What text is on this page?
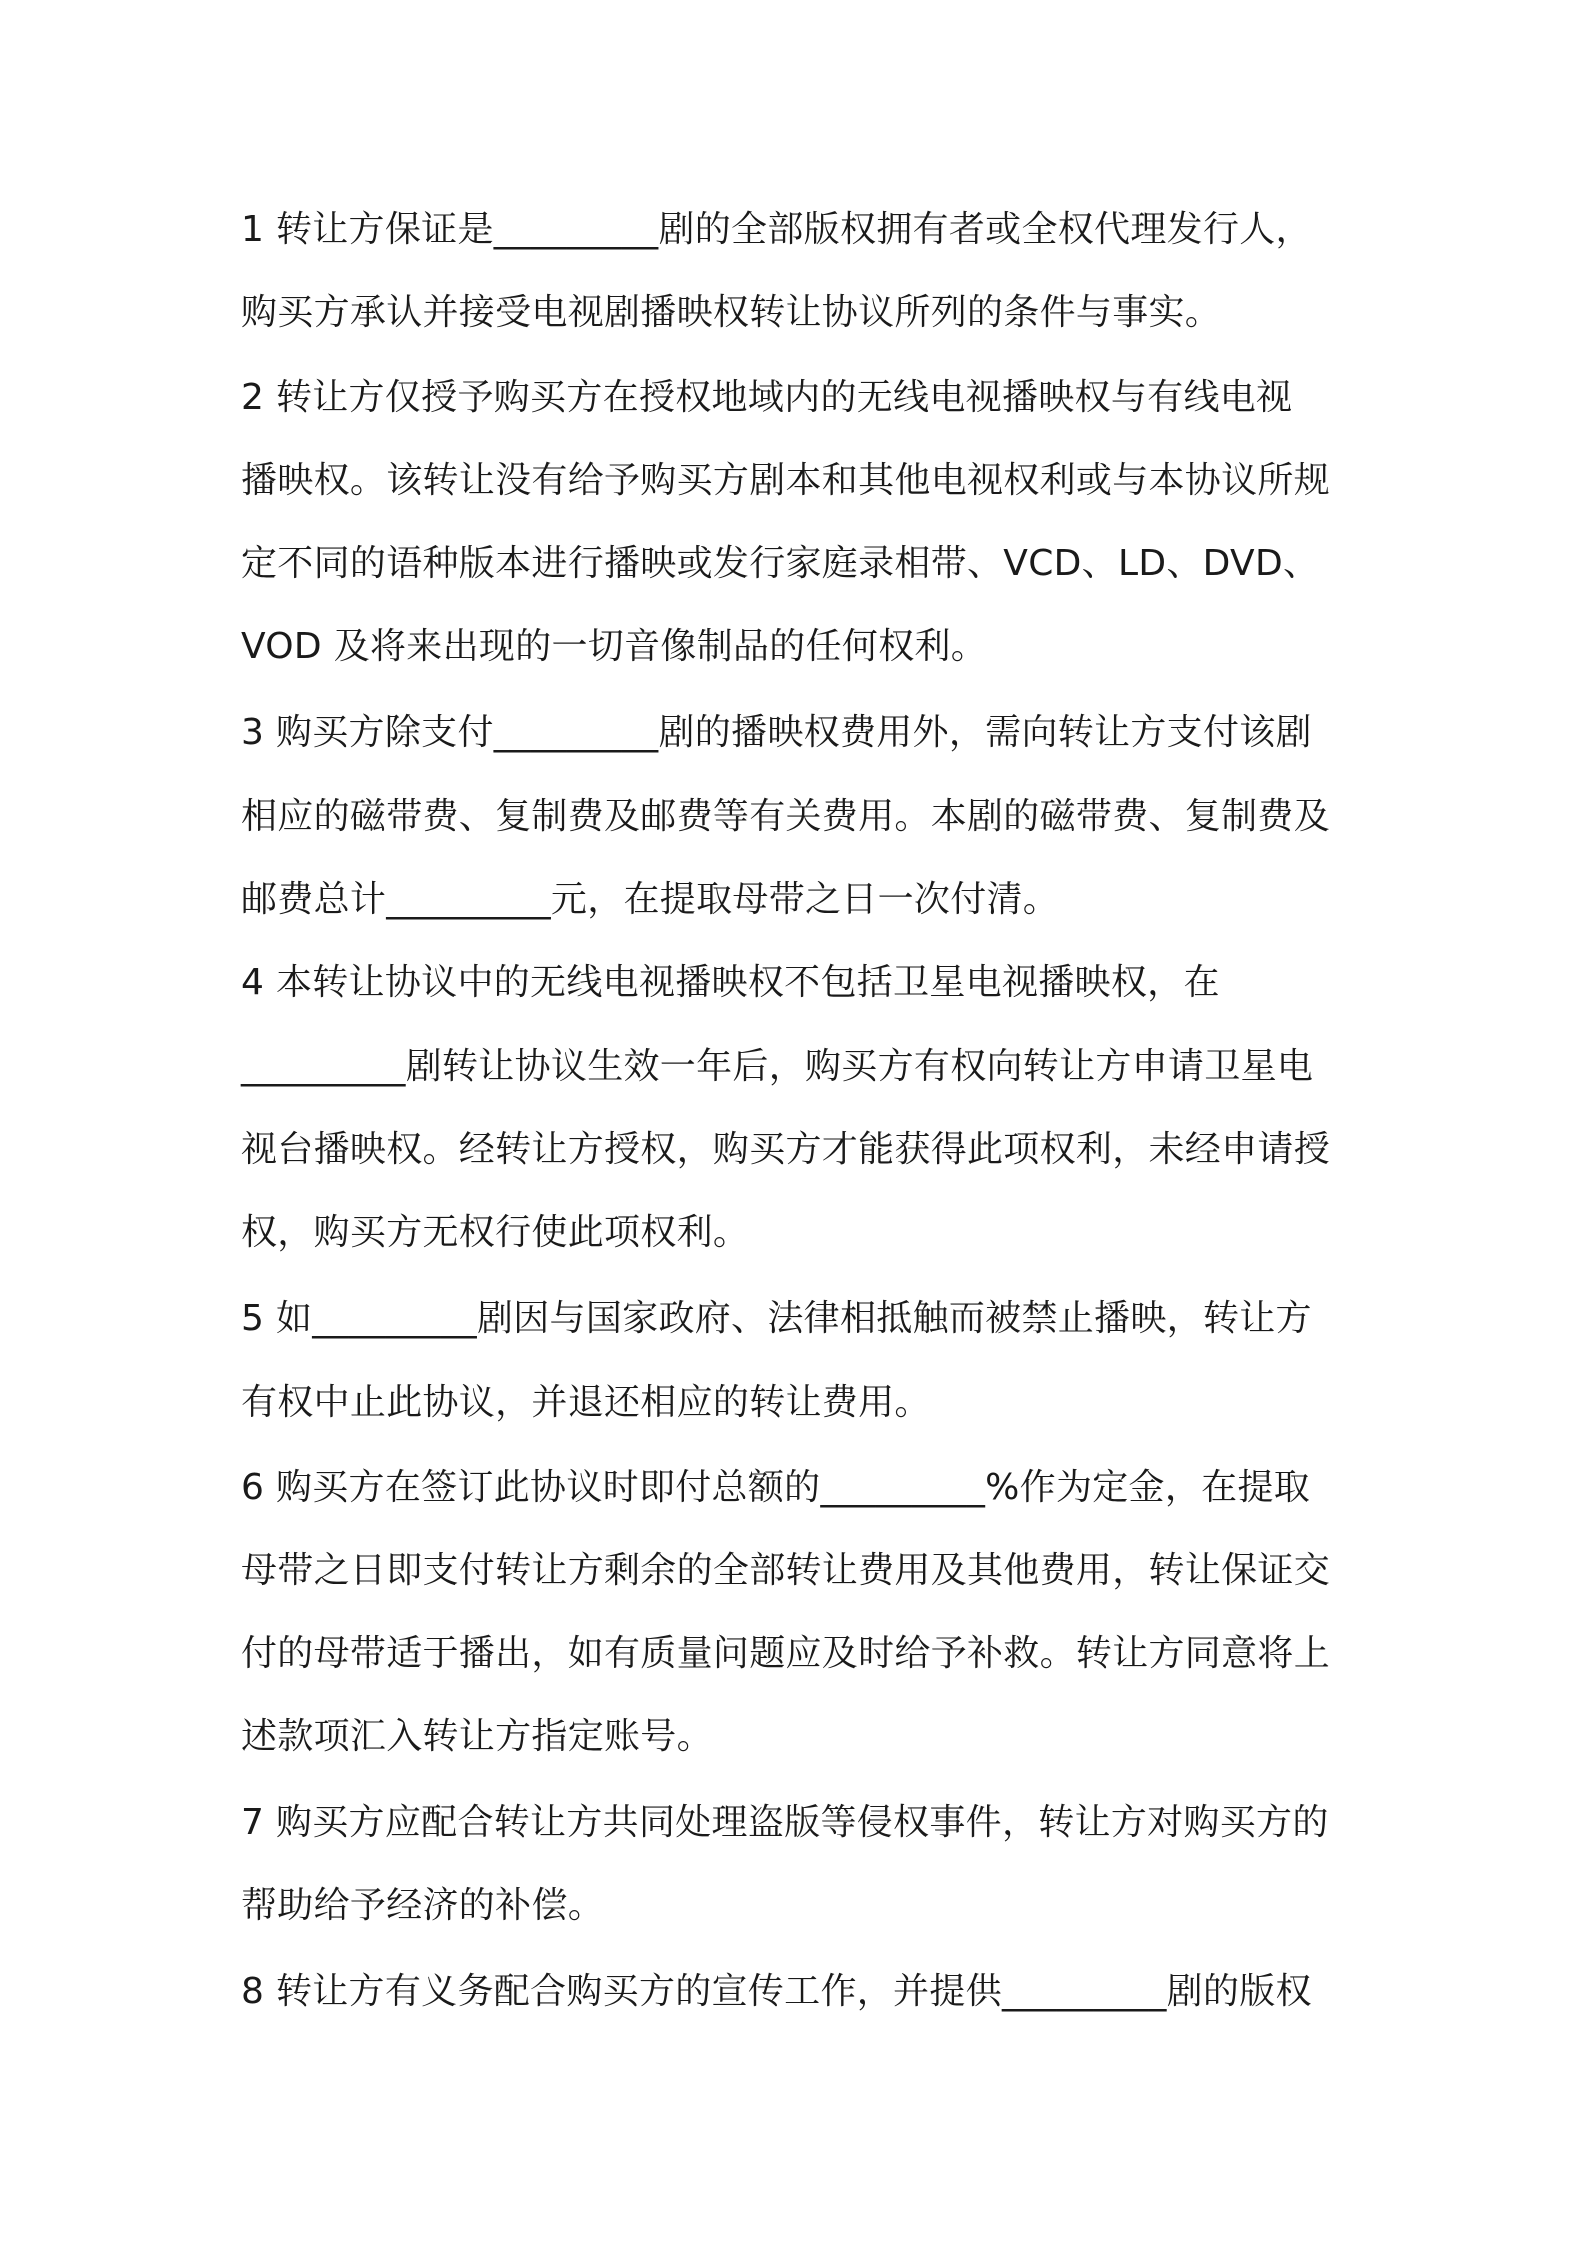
1 转让方保证是_________剧的全部版权拥有者或全权代理发行人，
购买方承认并接受电视剧播映权转让协议所列的条件与事实。
2 转让方仅授予购买方在授权地域内的无线电视播映权与有线电视
播映权。该转让没有给予购买方剧本和其他电视权利或与本协议所规
定不同的语种版本进行播映或发行家庭录相带、VCD、LD、DVD、
VOD 及将来出现的一切音像制品的任何权利。
3 购买方除支付_________剧的播映权费用外，需向转让方支付该剧
相应的磁带费、复制费及邮费等有关费用。本剧的磁带费、复制费及
邮费总计_________元，在提取母带之日一次付清。
4 本转让协议中的无线电视播映权不包括卫星电视播映权，在
_________剧转让协议生效一年后，购买方有权向转让方申请卫星电
视台播映权。经转让方授权，购买方才能获得此项权利，未经申请授
权，购买方无权行使此项权利。
5 如_________剧因与国家政府、法律相抵触而被禁止播映，转让方
有权中止此协议，并退还相应的转让费用。
6 购买方在签订此协议时即付总额的_________%作为定金，在提取
母带之日即支付转让方剩余的全部转让费用及其他费用，转让保证交
付的母带适于播出，如有质量问题应及时给予补救。转让方同意将上
述款项汇入转让方指定账号。
7 购买方应配合转让方共同处理盗版等侵权事件，转让方对购买方的
帮助给予经济的补偿。
8 转让方有义务配合购买方的宣传工作，并提供_________剧的版权
